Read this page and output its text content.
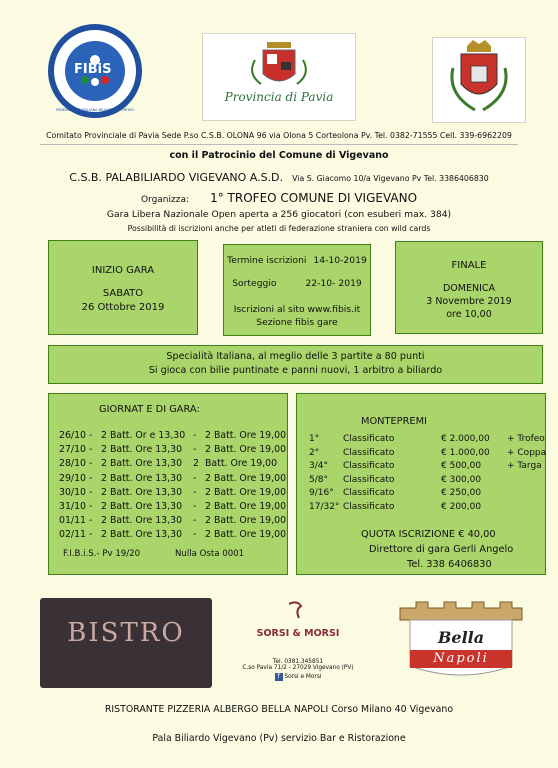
FIBiS
FEDERAZIONE ITALIANA BILIARDO SPORTIVO
Provincia di Pavia
Comitato Provinciale di Pavia Sede P.so C.S.B. OLONA 96 via Olona 5 Corteolona Pv. Tel. 0382-71555 Cell. 339-6962209
con il Patrocinio del Comune di Vigevano
C.S.B. PALABILIARDO VIGEVANO A.S.D. Via S. Giacomo 10/a Vigevano Pv Tel. 3386406830
Organizza: 1° TROFEO COMUNE DI VIGEVANO
Gara Libera Nazionale Open aperta a 256 giocatori (con esuberi max. 384)
Possibilità di iscrizioni anche per atleti di federazione straniera con wild cards
INIZIO GARA
SABATO
26 Ottobre 2019
Termine iscrizioni 14-10-2019
Sorteggio	22-10- 2019
Iscrizioni al sito www.fibis.it
Sezione fibis gare
FINALE
DOMENICA
3 Novembre 2019
ore 10,00
Specialità Italiana, al meglio delle 3 partite a 80 punti
Si gioca con bilie puntinate e panni nuovi, 1 arbitro a biliardo
GIORNAT E DI GARA:
26/10 - 2 Batt. Or e 13,30 - 2 Batt. Ore 19,00
27/10 - 2 Batt. Ore 13,30 - 2 Batt. Ore 19,00
28/10 - 2 Batt. Ore 13,30 2 Batt. Ore 19,00
29/10 - 2 Batt. Ore 13,30 - 2 Batt. Ore 19,00
30/10 - 2 Batt. Ore 13,30 - 2 Batt. Ore 19,00
31/10 - 2 Batt. Ore 13,30 - 2 Batt. Ore 19,00
01/11 - 2 Batt. Ore 13,30 - 2 Batt. Ore 19,00
02/11 - 2 Batt. Ore 13,30 - 2 Batt. Ore 19,00
F.I.B.i.S.- Pv 19/20	Nulla Osta 0001
MONTEPREMI
1°	Classificato	€ 2.000,00 + Trofeo
2°	Classificato	€ 1.000,00 + Coppa
3/4° Classificato	€ 500,00	+ Targa
5/8° Classificato	€ 300,00
9/16° Classificato	€ 250,00
17/32° Classificato	€ 200,00
QUOTA ISCRIZIONE € 40,00
Direttore di gara Gerli Angelo
Tel. 338 6406830
BISTRO	SORSI & MORSI
Tel. 0381.345851
C.so Pavia 71/2 - 27029 Vigevano (PV)
f Sorsi e Morsi
Bella
Napoli
RISTORANTE PIZZERIA ALBERGO BELLA NAPOLI Corso Milano 40 Vigevano
Pala Biliardo Vigevano (Pv) servizio Bar e Ristorazione
